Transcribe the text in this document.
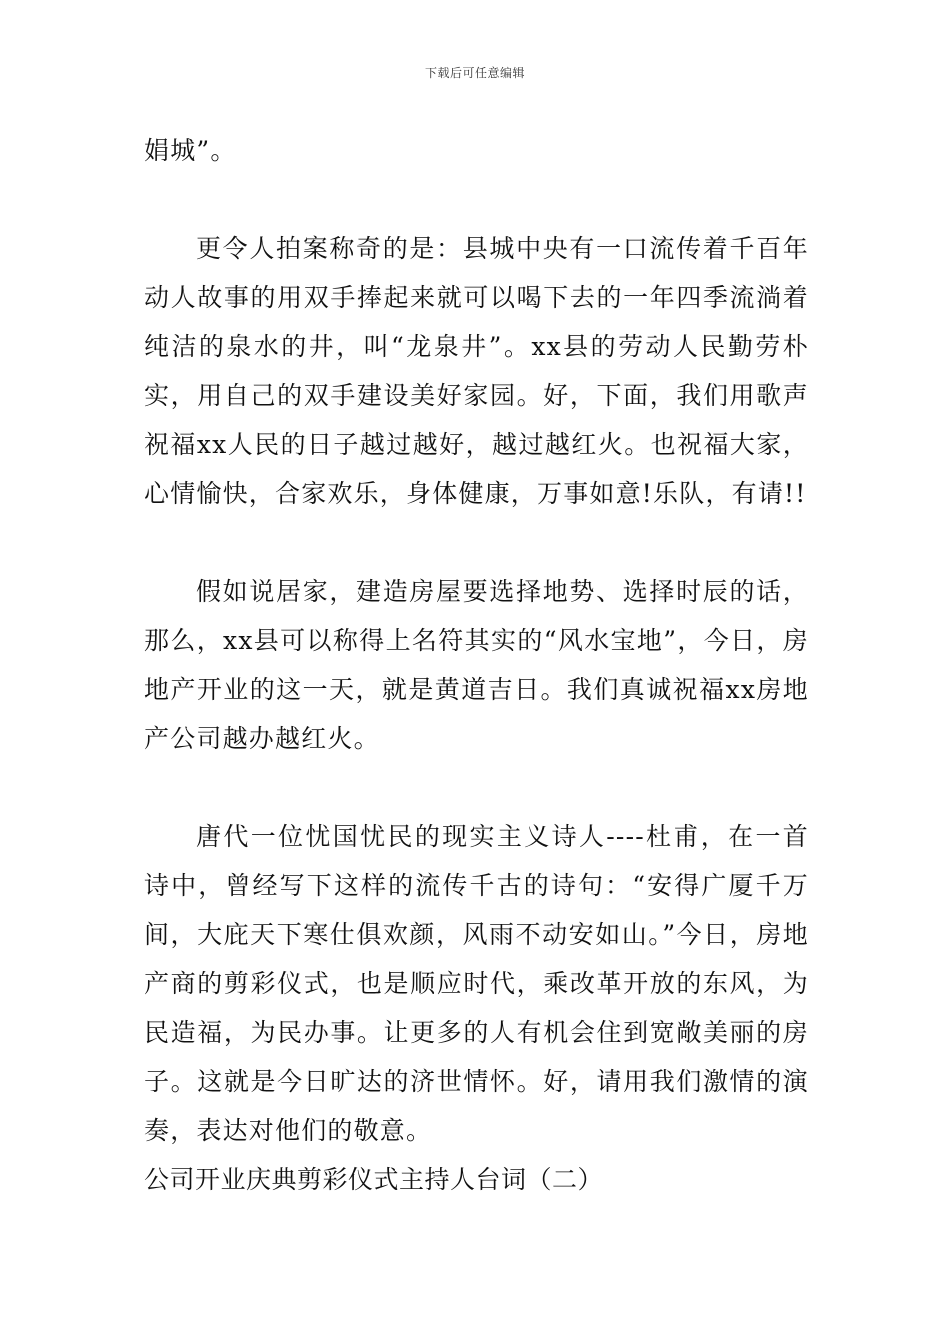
下载后可任意编辑

娟城”。

更令人拍案称奇的是：县城中央有一口流传着千百年动人故事的用双手捧起来就可以喝下去的一年四季流淌着纯洁的泉水的井，叫“龙泉井”。xx县的劳动人民勤劳朴实，用自己的双手建设美好家园。好，下面，我们用歌声祝福xx人民的日子越过越好，越过越红火。也祝福大家，心情愉快，合家欢乐，身体健康，万事如意!乐队，有请!!

假如说居家，建造房屋要选择地势、选择时辰的话，那么，xx县可以称得上名符其实的“风水宝地”，今日，房地产开业的这一天，就是黄道吉日。我们真诚祝福xx房地产公司越办越红火。

唐代一位忧国忧民的现实主义诗人----杜甫，在一首诗中，曾经写下这样的流传千古的诗句：“安得广厦千万间，大庇天下寒仕俱欢颜，风雨不动安如山。”今日，房地产商的剪彩仪式，也是顺应时代，乘改革开放的东风，为民造福，为民办事。让更多的人有机会住到宽敞美丽的房子。这就是今日旷达的济世情怀。好，请用我们激情的演奏，表达对他们的敬意。

公司开业庆典剪彩仪式主持人台词（二）
